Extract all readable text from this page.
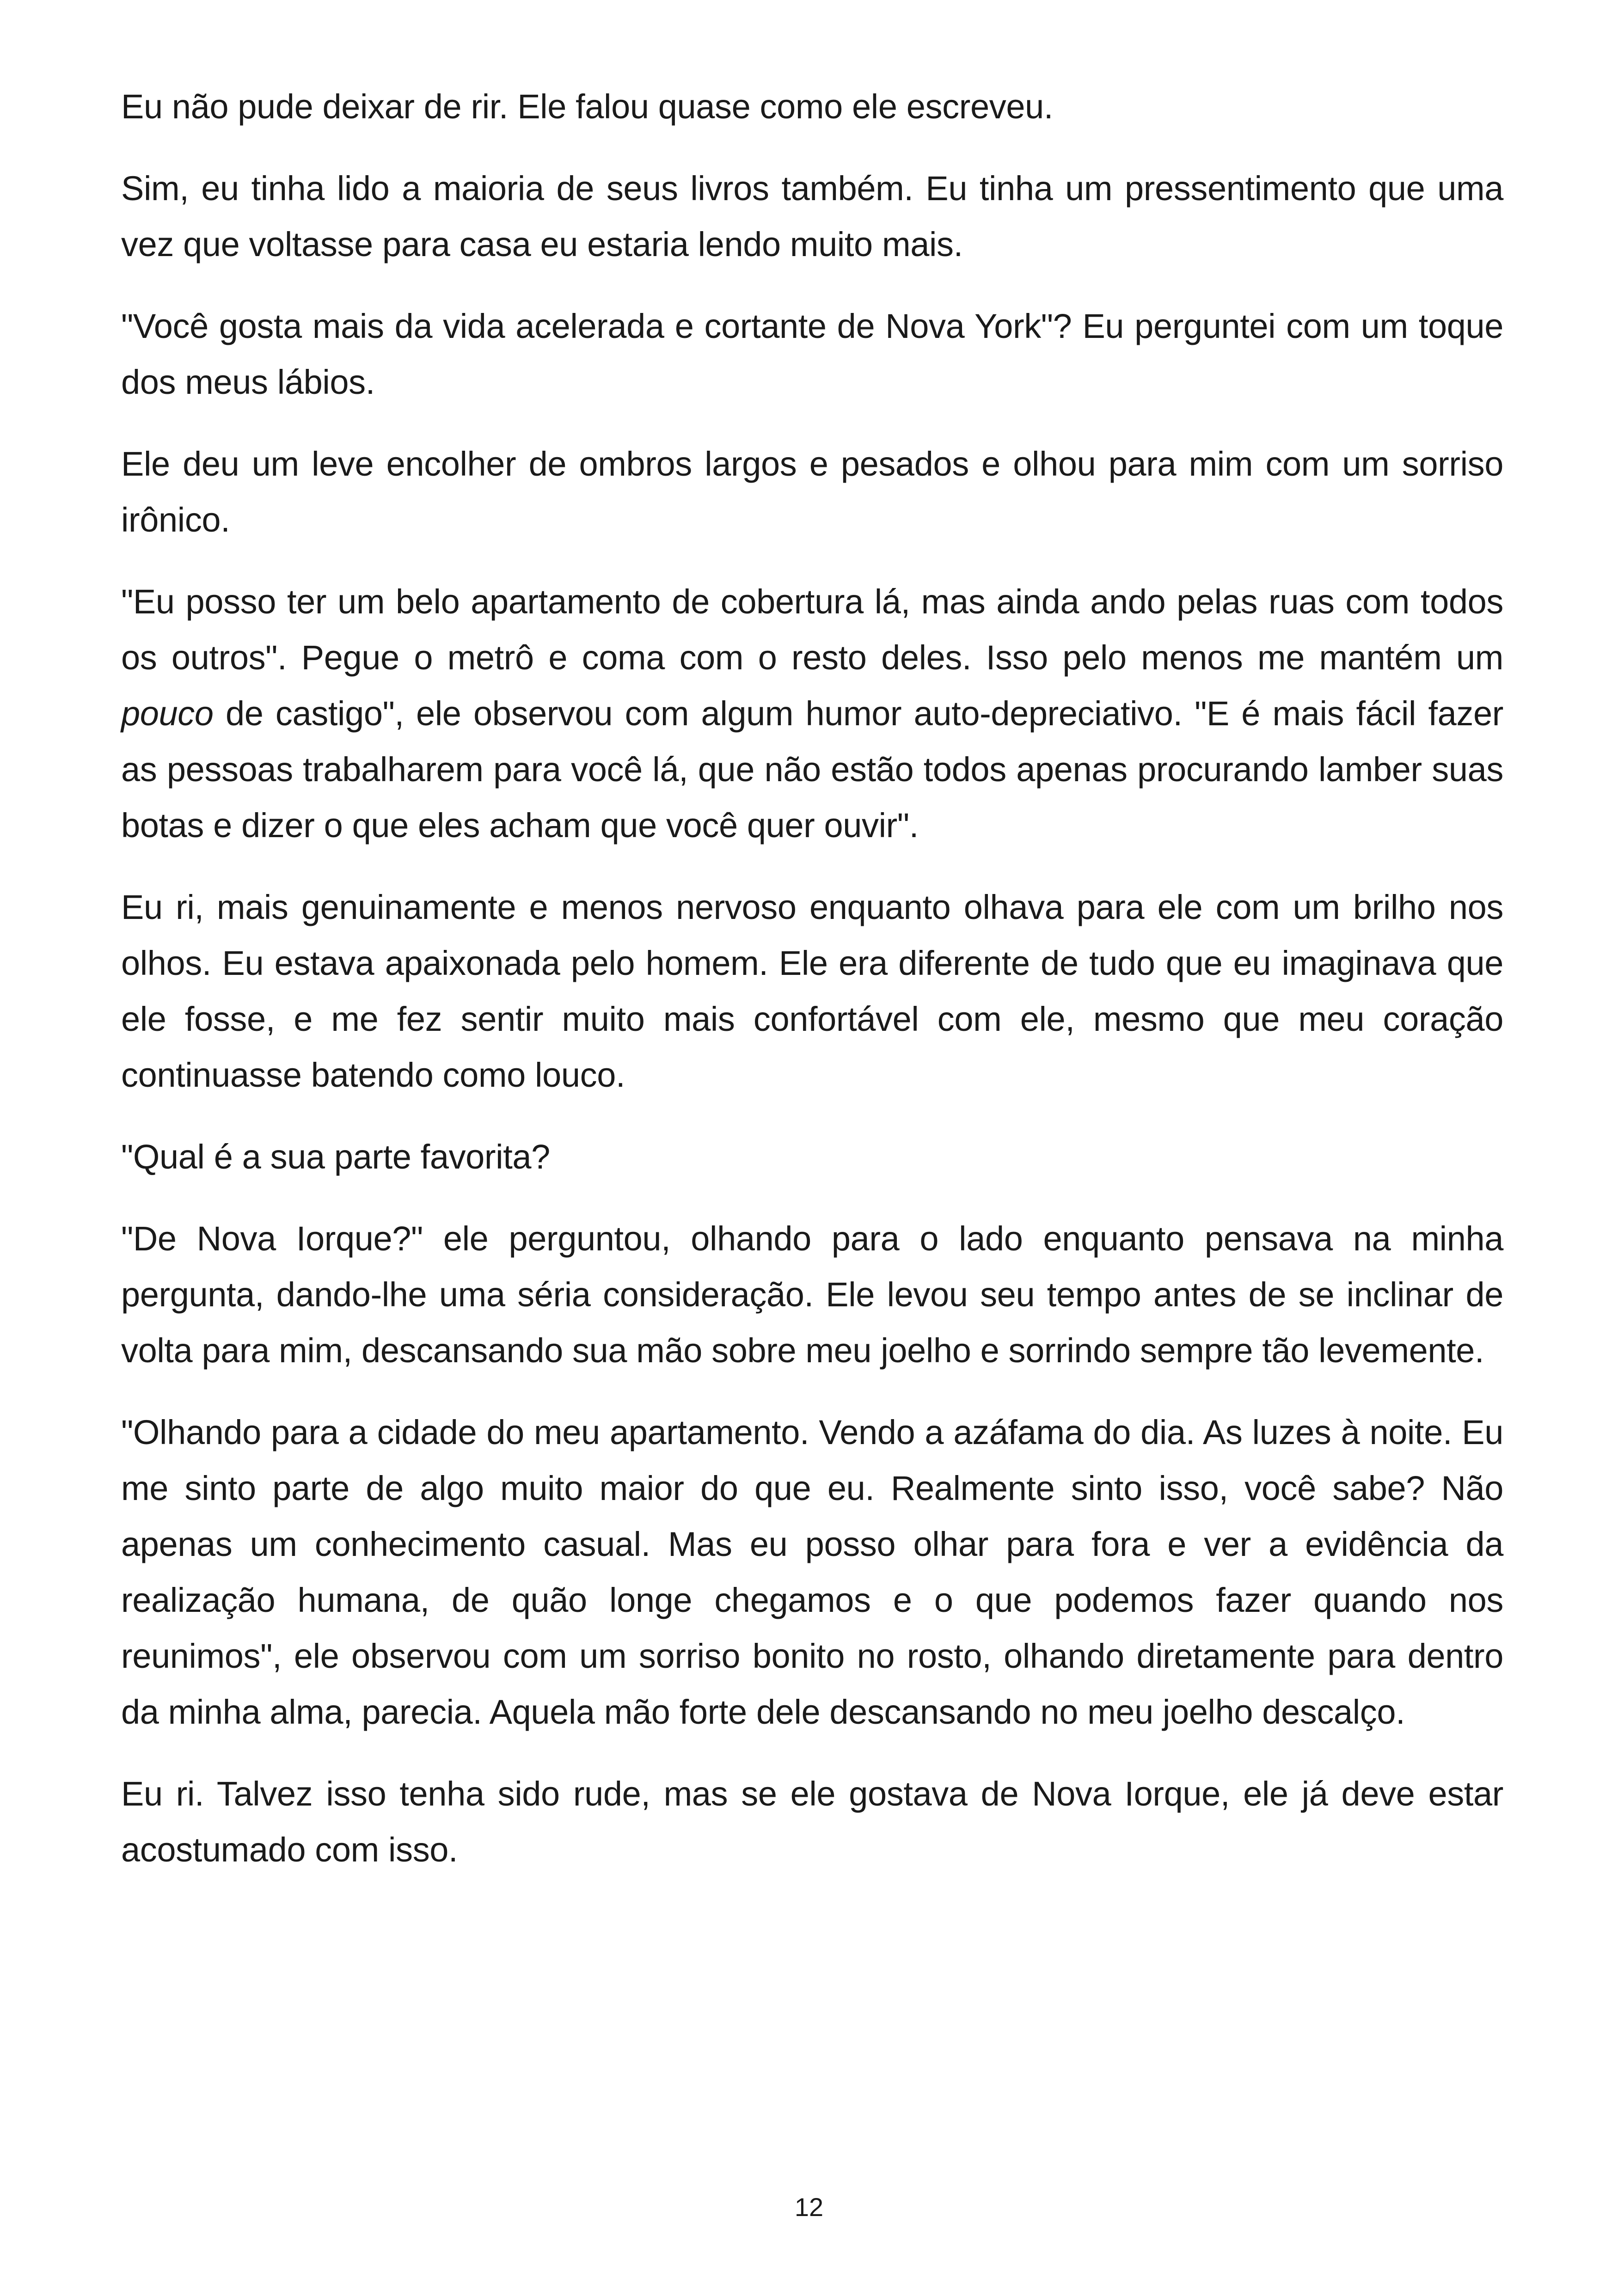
Eu não pude deixar de rir. Ele falou quase como ele escreveu.

Sim, eu tinha lido a maioria de seus livros também. Eu tinha um pressentimento que uma vez que voltasse para casa eu estaria lendo muito mais.

"Você gosta mais da vida acelerada e cortante de Nova York"? Eu perguntei com um toque dos meus lábios.

Ele deu um leve encolher de ombros largos e pesados e olhou para mim com um sorriso irônico.

"Eu posso ter um belo apartamento de cobertura lá, mas ainda ando pelas ruas com todos os outros". Pegue o metrô e coma com o resto deles. Isso pelo menos me mantém um pouco de castigo", ele observou com algum humor auto-depreciativo. "E é mais fácil fazer as pessoas trabalharem para você lá, que não estão todos apenas procurando lamber suas botas e dizer o que eles acham que você quer ouvir".

Eu ri, mais genuinamente e menos nervoso enquanto olhava para ele com um brilho nos olhos. Eu estava apaixonada pelo homem. Ele era diferente de tudo que eu imaginava que ele fosse, e me fez sentir muito mais confortável com ele, mesmo que meu coração continuasse batendo como louco.

"Qual é a sua parte favorita?

"De Nova Iorque?" ele perguntou, olhando para o lado enquanto pensava na minha pergunta, dando-lhe uma séria consideração. Ele levou seu tempo antes de se inclinar de volta para mim, descansando sua mão sobre meu joelho e sorrindo sempre tão levemente.

"Olhando para a cidade do meu apartamento. Vendo a azáfama do dia. As luzes à noite. Eu me sinto parte de algo muito maior do que eu. Realmente sinto isso, você sabe? Não apenas um conhecimento casual. Mas eu posso olhar para fora e ver a evidência da realização humana, de quão longe chegamos e o que podemos fazer quando nos reunimos", ele observou com um sorriso bonito no rosto, olhando diretamente para dentro da minha alma, parecia. Aquela mão forte dele descansando no meu joelho descalço.

Eu ri. Talvez isso tenha sido rude, mas se ele gostava de Nova Iorque, ele já deve estar acostumado com isso.

12
